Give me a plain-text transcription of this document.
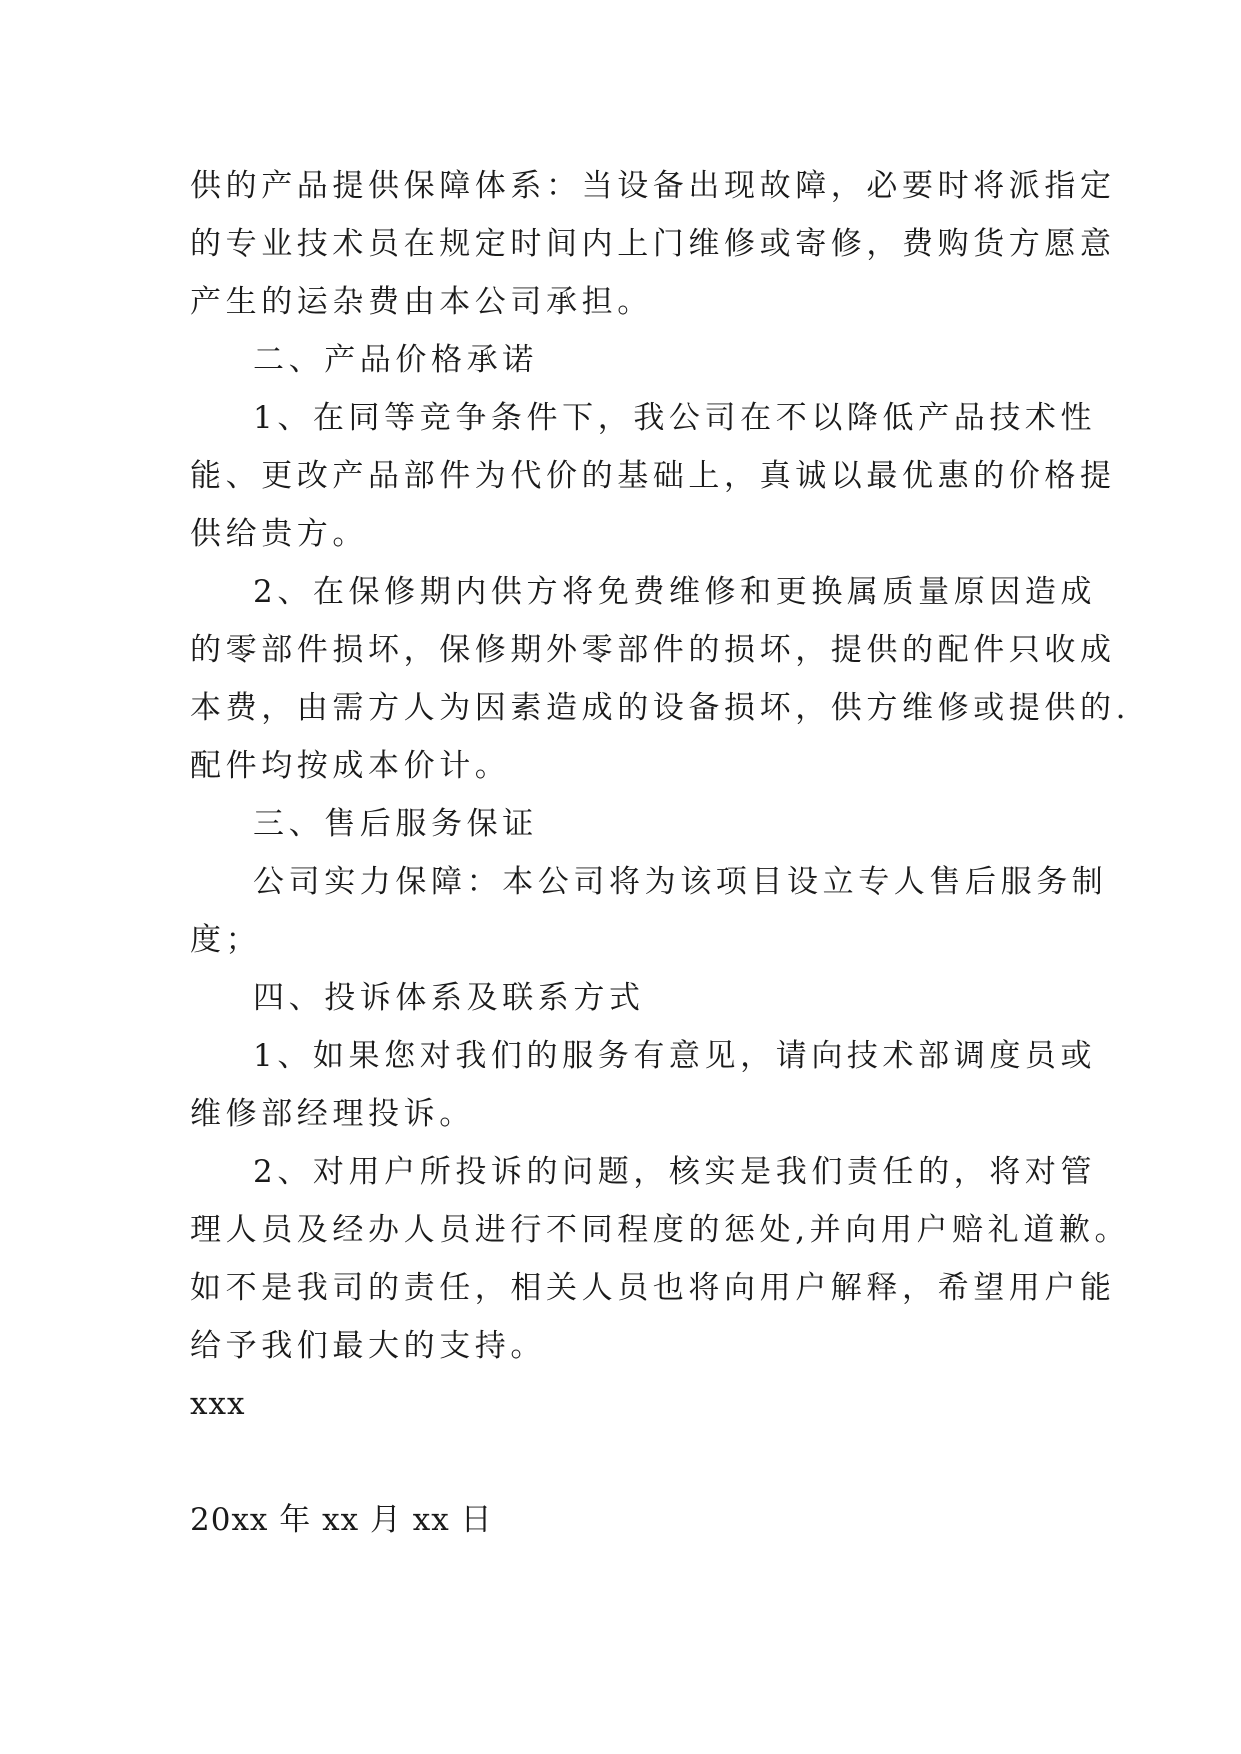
供的产品提供保障体系：当设备出现故障，必要时将派指定

的专业技术员在规定时间内上门维修或寄修，费购货方愿意

产生的运杂费由本公司承担。

二、产品价格承诺

1、在同等竞争条件下，我公司在不以降低产品技术性

能、更改产品部件为代价的基础上，真诚以最优惠的价格提

供给贵方。

2、在保修期内供方将免费维修和更换属质量原因造成

的零部件损坏，保修期外零部件的损坏，提供的配件只收成

本费，由需方人为因素造成的设备损坏，供方维修或提供的.

配件均按成本价计。

三、售后服务保证

公司实力保障：本公司将为该项目设立专人售后服务制

度；

四、投诉体系及联系方式

1、如果您对我们的服务有意见，请向技术部调度员或

维修部经理投诉。

2、对用户所投诉的问题，核实是我们责任的，将对管

理人员及经办人员进行不同程度的惩处,并向用户赔礼道歉。

如不是我司的责任，相关人员也将向用户解释，希望用户能

给予我们最大的支持。

xxx

20xx 年 xx 月 xx 日
